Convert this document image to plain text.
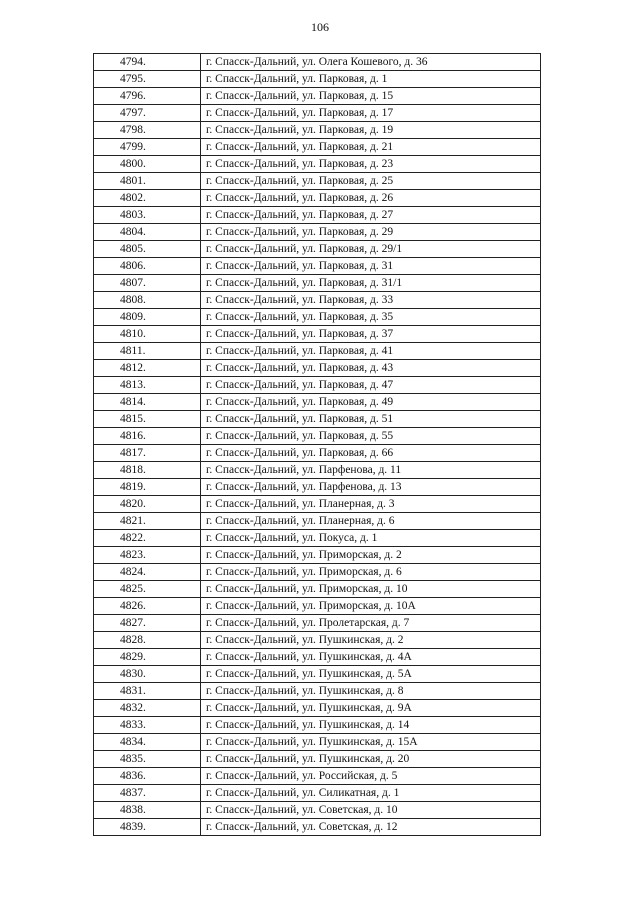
106
4794.	г. Спасск-Дальний, ул. Олега Кошевого, д. 36
4795.	г. Спасск-Дальний, ул. Парковая, д. 1
4796.	г. Спасск-Дальний, ул. Парковая, д. 15
4797.	г. Спасск-Дальний, ул. Парковая, д. 17
4798.	г. Спасск-Дальний, ул. Парковая, д. 19
4799.	г. Спасск-Дальний, ул. Парковая, д. 21
4800.	г. Спасск-Дальний, ул. Парковая, д. 23
4801.	г. Спасск-Дальний, ул. Парковая, д. 25
4802.	г. Спасск-Дальний, ул. Парковая, д. 26
4803.	г. Спасск-Дальний, ул. Парковая, д. 27
4804.	г. Спасск-Дальний, ул. Парковая, д. 29
4805.	г. Спасск-Дальний, ул. Парковая, д. 29/1
4806.	г. Спасск-Дальний, ул. Парковая, д. 31
4807.	г. Спасск-Дальний, ул. Парковая, д. 31/1
4808.	г. Спасск-Дальний, ул. Парковая, д. 33
4809.	г. Спасск-Дальний, ул. Парковая, д. 35
4810.	г. Спасск-Дальний, ул. Парковая, д. 37
4811.	г. Спасск-Дальний, ул. Парковая, д. 41
4812.	г. Спасск-Дальний, ул. Парковая, д. 43
4813.	г. Спасск-Дальний, ул. Парковая, д. 47
4814.	г. Спасск-Дальний, ул. Парковая, д. 49
4815.	г. Спасск-Дальний, ул. Парковая, д. 51
4816.	г. Спасск-Дальний, ул. Парковая, д. 55
4817.	г. Спасск-Дальний, ул. Парковая, д. 66
4818.	г. Спасск-Дальний, ул. Парфенова, д. 11
4819.	г. Спасск-Дальний, ул. Парфенова, д. 13
4820.	г. Спасск-Дальний, ул. Планерная, д. 3
4821.	г. Спасск-Дальний, ул. Планерная, д. 6
4822.	г. Спасск-Дальний, ул. Покуса, д. 1
4823.	г. Спасск-Дальний, ул. Приморская, д. 2
4824.	г. Спасск-Дальний, ул. Приморская, д. 6
4825.	г. Спасск-Дальний, ул. Приморская, д. 10
4826.	г. Спасск-Дальний, ул. Приморская, д. 10А
4827.	г. Спасск-Дальний, ул. Пролетарская, д. 7
4828.	г. Спасск-Дальний, ул. Пушкинская, д. 2
4829.	г. Спасск-Дальний, ул. Пушкинская, д. 4А
4830.	г. Спасск-Дальний, ул. Пушкинская, д. 5А
4831.	г. Спасск-Дальний, ул. Пушкинская, д. 8
4832.	г. Спасск-Дальний, ул. Пушкинская, д. 9А
4833.	г. Спасск-Дальний, ул. Пушкинская, д. 14
4834.	г. Спасск-Дальний, ул. Пушкинская, д. 15А
4835.	г. Спасск-Дальний, ул. Пушкинская, д. 20
4836.	г. Спасск-Дальний, ул. Российская, д. 5
4837.	г. Спасск-Дальний, ул. Силикатная, д. 1
4838.	г. Спасск-Дальний, ул. Советская, д. 10
4839.	г. Спасск-Дальний, ул. Советская, д. 12
